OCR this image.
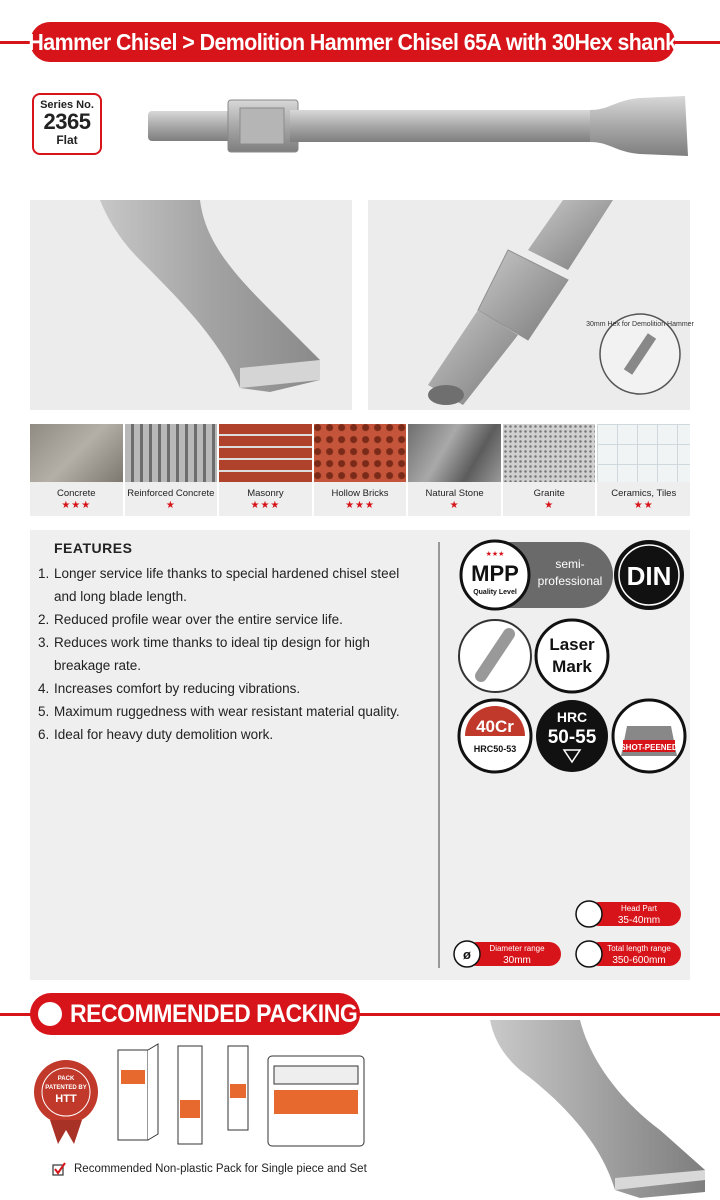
Hammer Chisel > Demolition Hammer Chisel 65A with 30Hex shank
Series No.
2365
Flat
30mm Hex for Demolition Hammer
Concrete
★★★
Reinforced Concrete
★
Masonry
★★★
Hollow Bricks
★★★
Natural Stone
★
Granite
★
Ceramics, Tiles
★★
FEATURES
1. Longer service life thanks to special hardened chisel steel
and long blade length.
2. Reduced profile wear over the entire service life.
3. Reduces work time thanks to ideal tip design for high
breakage rate.
4. Increases comfort by reducing vibrations.
5. Maximum ruggedness with wear resistant material quality.
6. Ideal for heavy duty demolition work.
★★★
MPP
Quality Level
semi-
professional DIN
Laser
Mark
40Cr
HRC50-53
HRC
50-55	SHOT-PEENED
Head Part
35-40mm
ø Diameter range
30mm
Total length range
350-600mm
RECOMMENDED PACKING
PACK
PATENTED BY
HTT
Recommended Non-plastic Pack for Single piece and Set
